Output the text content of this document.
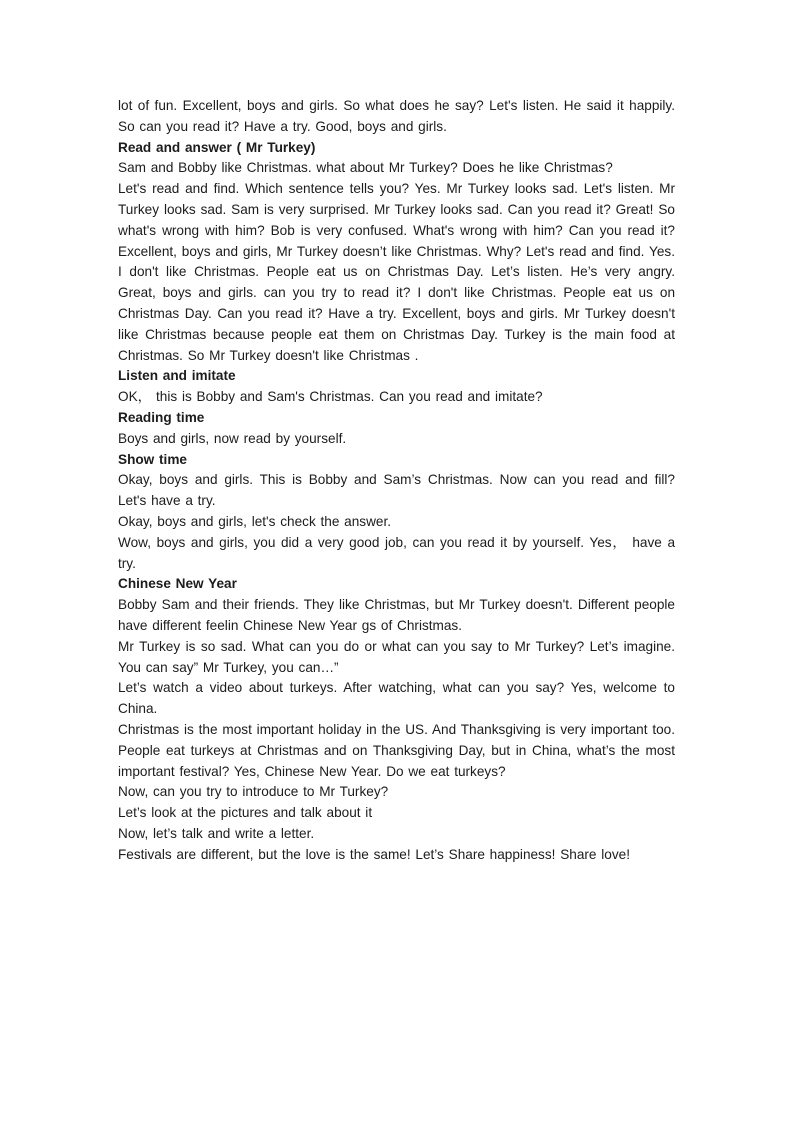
lot of fun. Excellent, boys and girls. So what does he say? Let's listen. He said it happily. So can you read it? Have a try. Good, boys and girls.

Read and answer ( Mr Turkey)

Sam and Bobby like Christmas. what about Mr Turkey? Does he like Christmas?

Let's read and find. Which sentence tells you? Yes. Mr Turkey looks sad. Let's listen. Mr Turkey looks sad. Sam is very surprised. Mr Turkey looks sad. Can you read it? Great! So what's wrong with him? Bob is very confused. What's wrong with him? Can you read it? Excellent, boys and girls, Mr Turkey doesn’t like Christmas. Why? Let's read and find. Yes. I don't like Christmas. People eat us on Christmas Day. Let’s listen. He’s very angry. Great, boys and girls. can you try to read it? I don't like Christmas. People eat us on Christmas Day. Can you read it? Have a try. Excellent, boys and girls. Mr Turkey doesn't like Christmas because people eat them on Christmas Day. Turkey is the main food at Christmas. So Mr Turkey doesn't like Christmas .

Listen and imitate

OK， this is Bobby and Sam's Christmas. Can you read and imitate?

Reading time

Boys and girls, now read by yourself.

Show time

Okay, boys and girls. This is Bobby and Sam’s Christmas. Now can you read and fill? Let's have a try.

Okay, boys and girls, let's check the answer.

Wow, boys and girls, you did a very good job, can you read it by yourself. Yes， have a try.

Chinese New Year

Bobby Sam and their friends. They like Christmas, but Mr Turkey doesn't. Different people have different feelin Chinese New Year gs of Christmas.

Mr Turkey is so sad. What can you do or what can you say to Mr Turkey? Let’s imagine. You can say” Mr Turkey, you can…”

Let’s watch a video about turkeys. After watching, what can you say? Yes, welcome to China.

Christmas is the most important holiday in the US. And Thanksgiving is very important too. People eat turkeys at Christmas and on Thanksgiving Day, but in China, what’s the most important festival? Yes, Chinese New Year. Do we eat turkeys?

Now, can you try to introduce to Mr Turkey?

Let’s look at the pictures and talk about it

Now, let’s talk and write a letter.

Festivals are different, but the love is the same! Let’s Share happiness! Share love!
